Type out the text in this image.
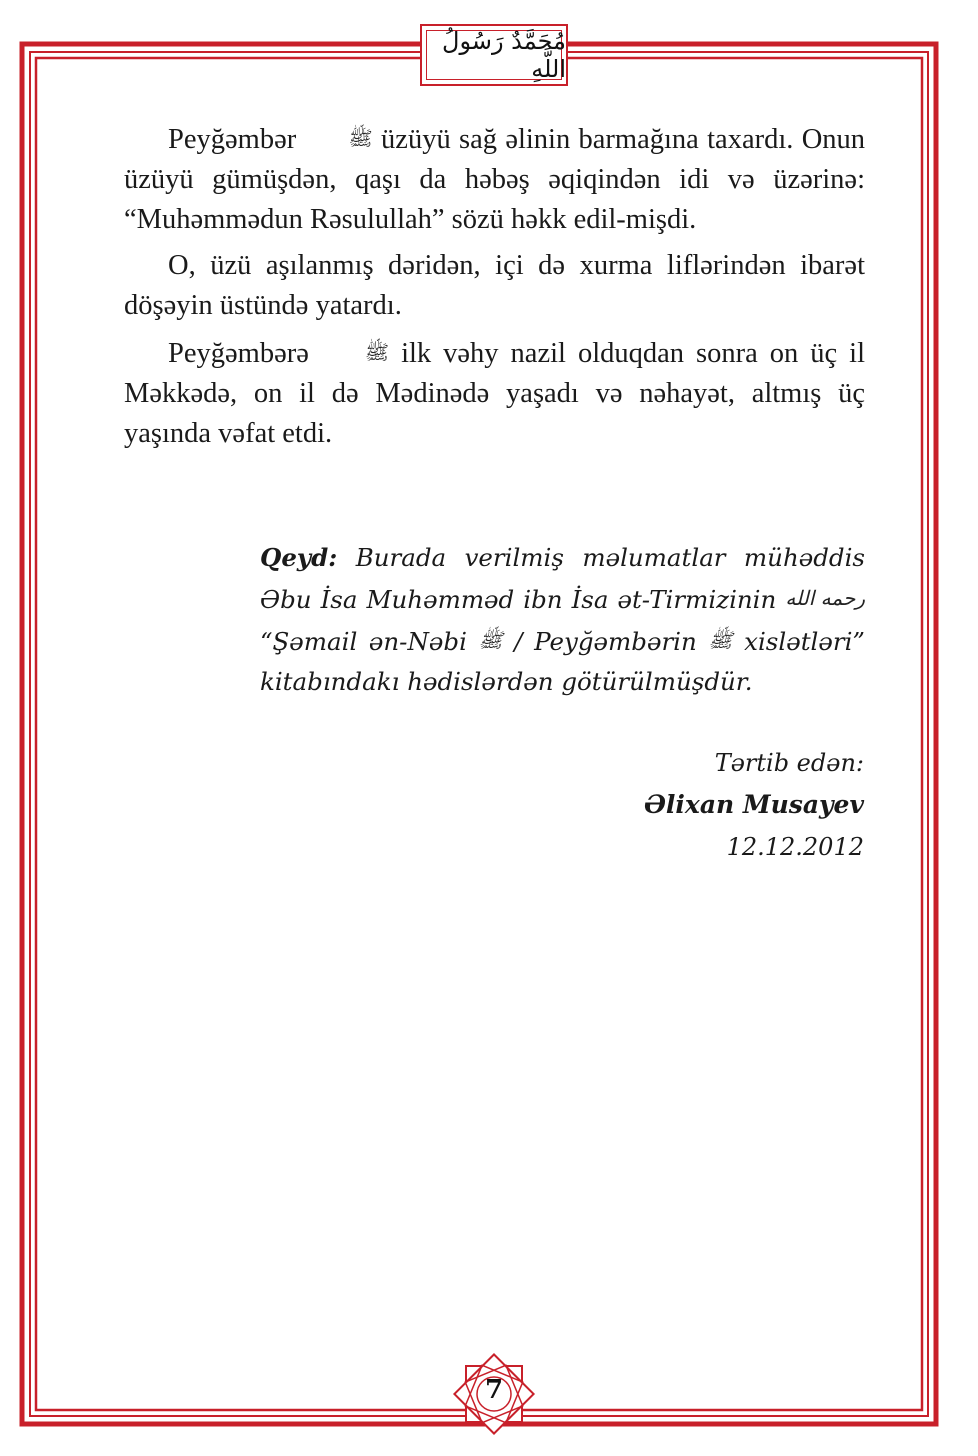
مُحَمَّدٌ رَسُولُ اللَّهِ

Peyğəmbər	ﷺ üzüyü sağ əlinin barmağına taxardı. Onun üzüyü gümüşdən, qaşı da həbəş əqiqindən idi və üzərinə: “Muhəmmədun Rəsulullah” sözü həkk edil-mişdi.

O, üzü aşılanmış dəridən, içi də xurma liflərindən ibarət döşəyin üstündə yatardı.

Peyğəmbərə	ﷺ ilk vəhy nazil olduqdan sonra on üç il Məkkədə, on il də Mədinədə yaşadı və nəhayət, altmış üç yaşında vəfat etdi.

Qeyd: Burada verilmiş məlumatlar mühəddis Əbu İsa Muhəmməd ibn İsa ət-Tirmizinin رحمه الله “Şəmail ən-Nəbi ﷺ / Peyğəmbərin ﷺ xislətləri” kitabındakı hədislərdən götürülmüşdür.
Tərtib edən:
Əlixan Musayev
12.12.2012
7
